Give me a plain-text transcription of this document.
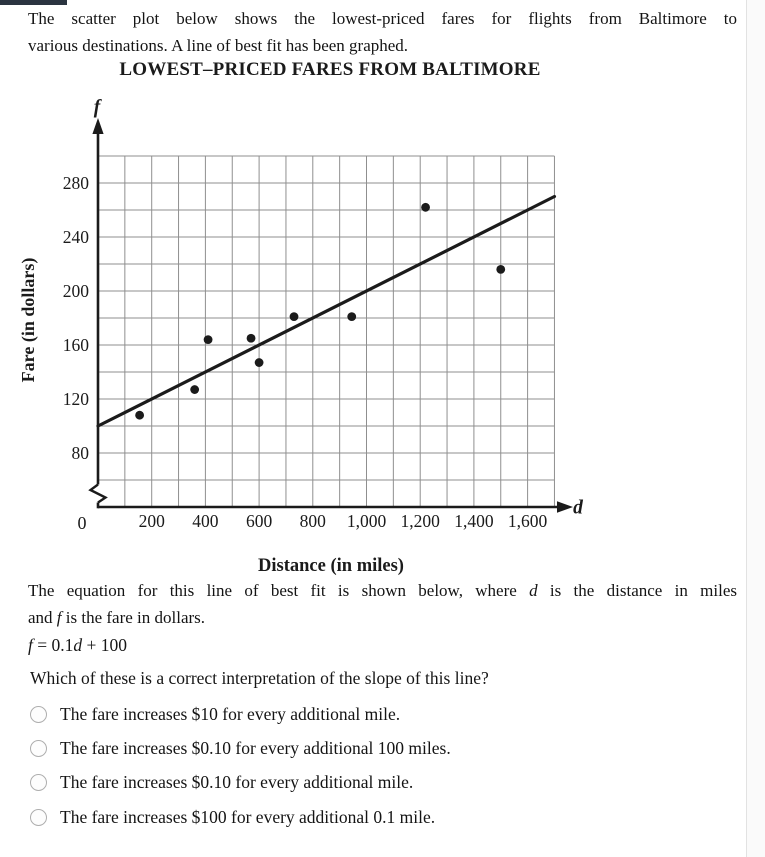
The scatter plot below shows the lowest-priced fares for flights from Baltimore to
various destinations. A line of best fit has been graphed.
LOWEST–PRICED FARES FROM BALTIMORE
80
120
160
200
240
280
200 400 600 800 1,000 1,200 1,400 1,600
0
f
d
Fare (in dollars)
Distance (in miles)
The equation for this line of best fit is shown below, where d is the distance in miles
and f is the fare in dollars.
f = 0.1d + 100
Which of these is a correct interpretation of the slope of this line?
The fare increases $10 for every additional mile.
The fare increases $0.10 for every additional 100 miles.
The fare increases $0.10 for every additional mile.
The fare increases $100 for every additional 0.1 mile.
